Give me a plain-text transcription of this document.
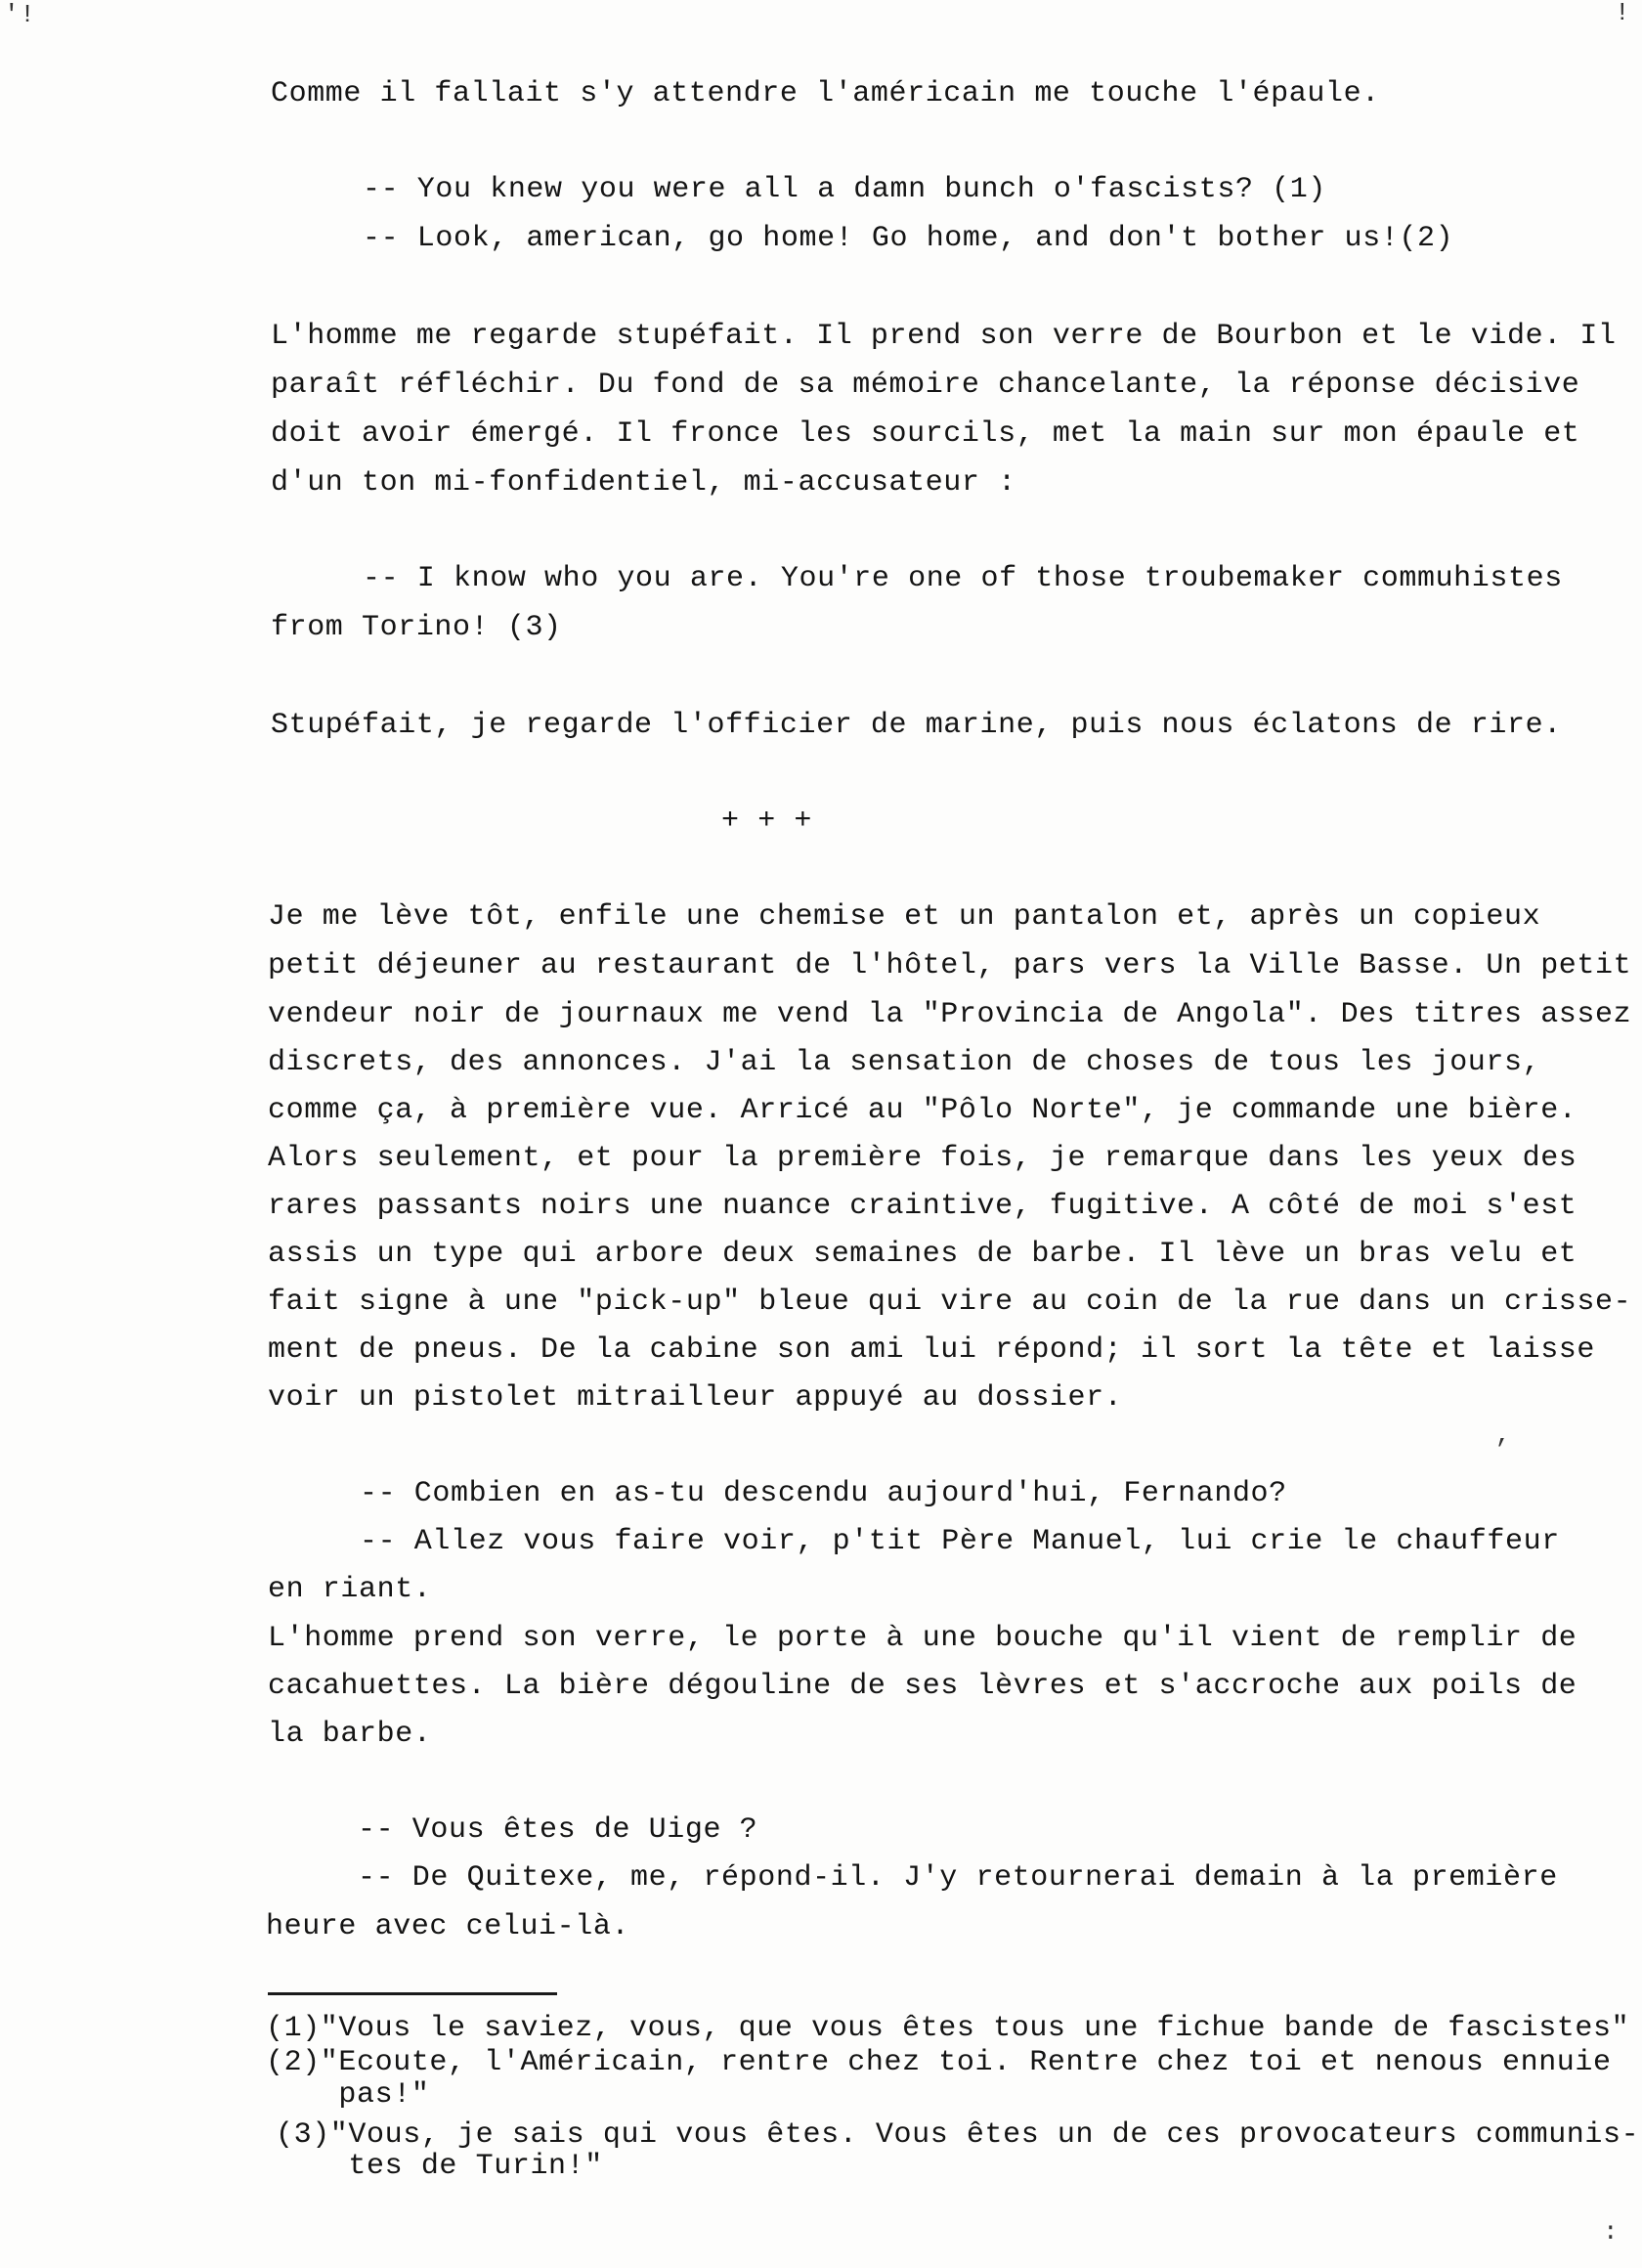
'!	!
Comme il fallait s'y attendre l'américain me touche l'épaule.
-- You knew you were all a damn bunch o'fascists? (1)
-- Look, american, go home! Go home, and don't bother us!(2)
L'homme me regarde stupéfait. Il prend son verre de Bourbon et le vide. Il
paraît réfléchir. Du fond de sa mémoire chancelante, la réponse décisive
doit avoir émergé. Il fronce les sourcils, met la main sur mon épaule et
d'un ton mi-fonfidentiel, mi-accusateur :
-- I know who you are. You're one of those troubemaker commuhistes
from Torino! (3)
Stupéfait, je regarde l'officier de marine, puis nous éclatons de rire.
+ + +
Je me lève tôt, enfile une chemise et un pantalon et, après un copieux
petit déjeuner au restaurant de l'hôtel, pars vers la Ville Basse. Un petit
vendeur noir de journaux me vend la "Provincia de Angola". Des titres assez
discrets, des annonces. J'ai la sensation de choses de tous les jours,
comme ça, à première vue. Arricé au "Pôlo Norte", je commande une bière.
Alors seulement, et pour la première fois, je remarque dans les yeux des
rares passants noirs une nuance craintive, fugitive. A côté de moi s'est
assis un type qui arbore deux semaines de barbe. Il lève un bras velu et
fait signe à une "pick-up" bleue qui vire au coin de la rue dans un crisse-
ment de pneus. De la cabine son ami lui répond; il sort la tête et laisse
voir un pistolet mitrailleur appuyé au dossier.
-- Combien en as-tu descendu aujourd'hui, Fernando?
-- Allez vous faire voir, p'tit Père Manuel, lui crie le chauffeur
en riant.
L'homme prend son verre, le porte à une bouche qu'il vient de remplir de
cacahuettes. La bière dégouline de ses lèvres et s'accroche aux poils de
la barbe.
-- Vous êtes de Uige ?
-- De Quitexe, me, répond-il. J'y retournerai demain à la première
heure avec celui-là.
(1)"Vous le saviez, vous, que vous êtes tous une fichue bande de fascistes"
(2)"Ecoute, l'Américain, rentre chez toi. Rentre chez toi et nenous ennuie
pas!"
(3)"Vous, je sais qui vous êtes. Vous êtes un de ces provocateurs communis-
tes de Turin!"
,
:
